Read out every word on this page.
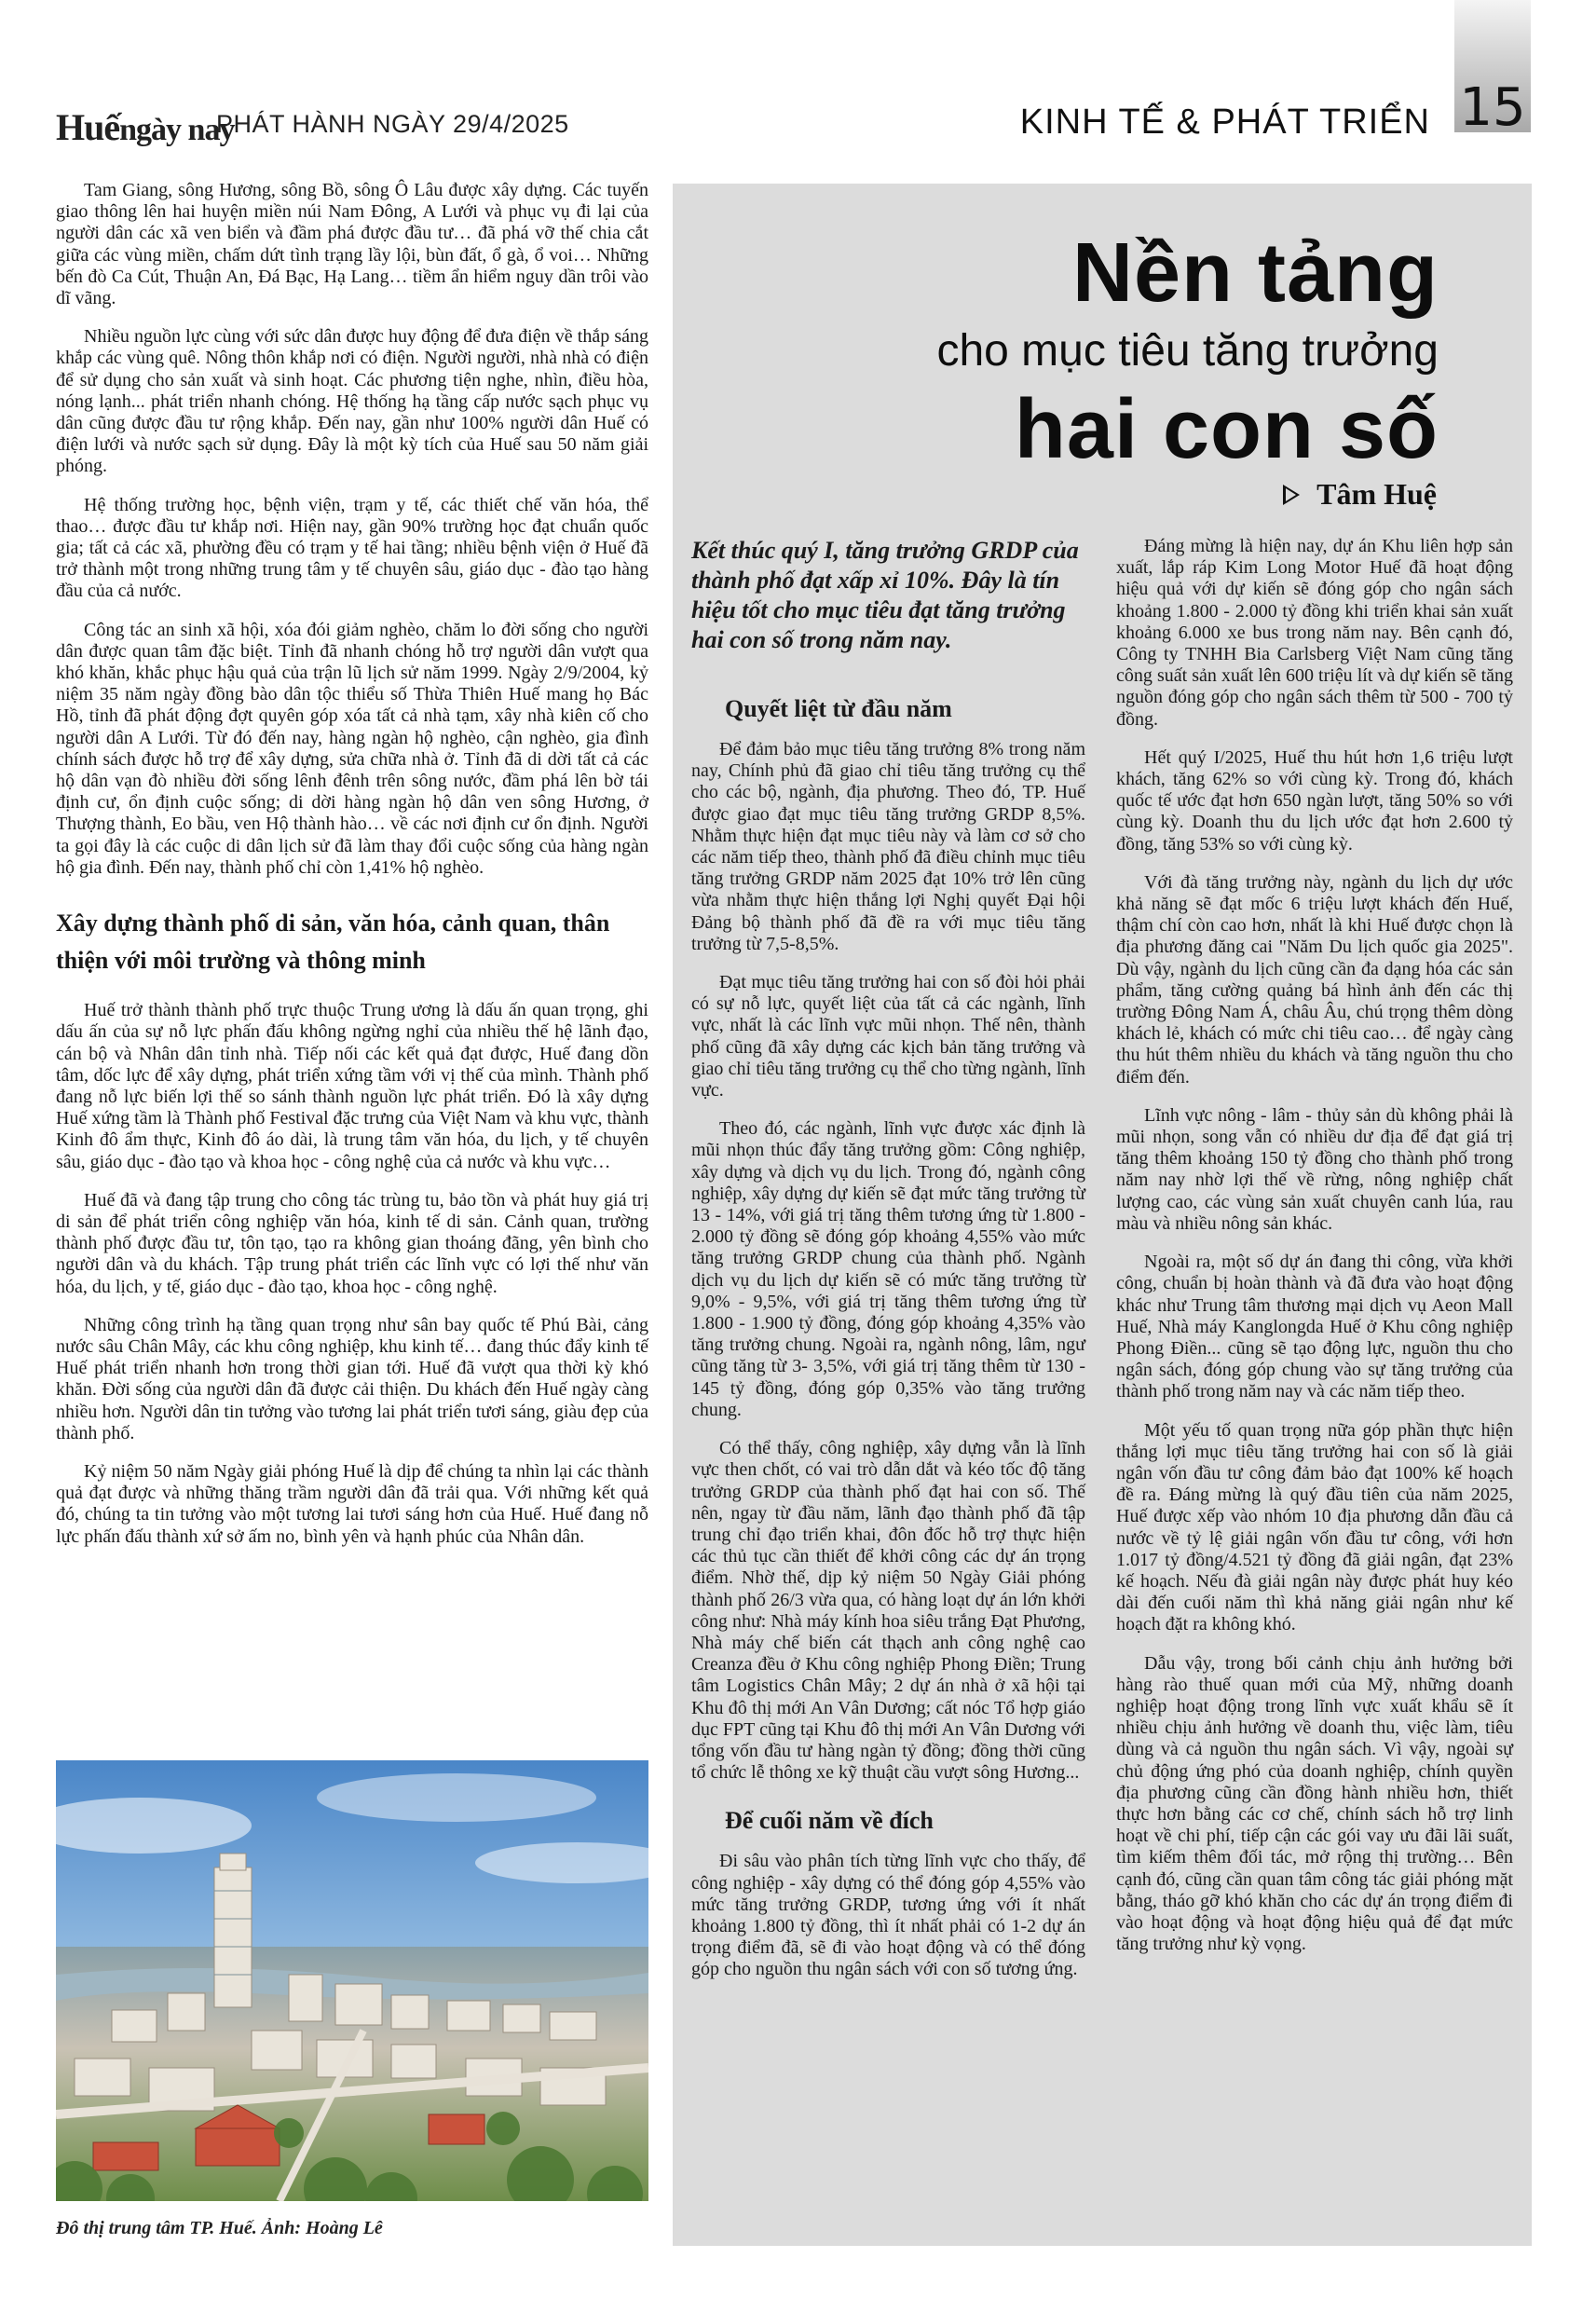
15
Huếngày nay
PHÁT HÀNH NGÀY 29/4/2025	KINH TẾ & PHÁT TRIỂN

Tam Giang, sông Hương, sông Bồ, sông Ô Lâu được xây dựng. Các tuyến giao thông lên hai huyện miền núi Nam Đông, A Lưới và phục vụ đi lại của người dân các xã ven biển và đầm phá được đầu tư… đã phá vỡ thế chia cắt giữa các vùng miền, chấm dứt tình trạng lầy lội, bùn đất, ổ gà, ổ voi… Những bến đò Ca Cút, Thuận An, Đá Bạc, Hạ Lang… tiềm ẩn hiểm nguy dần trôi vào dĩ vãng.

Nhiều nguồn lực cùng với sức dân được huy động để đưa điện về thắp sáng khắp các vùng quê. Nông thôn khắp nơi có điện. Người người, nhà nhà có điện để sử dụng cho sản xuất và sinh hoạt. Các phương tiện nghe, nhìn, điều hòa, nóng lạnh... phát triển nhanh chóng. Hệ thống hạ tầng cấp nước sạch phục vụ dân cũng được đầu tư rộng khắp. Đến nay, gần như 100% người dân Huế có điện lưới và nước sạch sử dụng. Đây là một kỳ tích của Huế sau 50 năm giải phóng.

Hệ thống trường học, bệnh viện, trạm y tế, các thiết chế văn hóa, thể thao… được đầu tư khắp nơi. Hiện nay, gần 90% trường học đạt chuẩn quốc gia; tất cả các xã, phường đều có trạm y tế hai tầng; nhiều bệnh viện ở Huế đã trở thành một trong những trung tâm y tế chuyên sâu, giáo dục - đào tạo hàng đầu của cả nước.

Công tác an sinh xã hội, xóa đói giảm nghèo, chăm lo đời sống cho người dân được quan tâm đặc biệt. Tỉnh đã nhanh chóng hỗ trợ người dân vượt qua khó khăn, khắc phục hậu quả của trận lũ lịch sử năm 1999. Ngày 2/9/2004, kỷ niệm 35 năm ngày đồng bào dân tộc thiểu số Thừa Thiên Huế mang họ Bác Hồ, tỉnh đã phát động đợt quyên góp xóa tất cả nhà tạm, xây nhà kiên cố cho người dân A Lưới. Từ đó đến nay, hàng ngàn hộ nghèo, cận nghèo, gia đình chính sách được hỗ trợ để xây dựng, sửa chữa nhà ở. Tỉnh đã di dời tất cả các hộ dân vạn đò nhiều đời sống lênh đênh trên sông nước, đầm phá lên bờ tái định cư, ổn định cuộc sống; di dời hàng ngàn hộ dân ven sông Hương, ở Thượng thành, Eo bầu, ven Hộ thành hào… về các nơi định cư ổn định. Người ta gọi đây là các cuộc di dân lịch sử đã làm thay đổi cuộc sống của hàng ngàn hộ gia đình. Đến nay, thành phố chỉ còn 1,41% hộ nghèo.

Xây dựng thành phố di sản, văn hóa, cảnh quan, thân thiện với môi trường và thông minh

Huế trở thành thành phố trực thuộc Trung ương là dấu ấn quan trọng, ghi dấu ấn của sự nỗ lực phấn đấu không ngừng nghỉ của nhiều thế hệ lãnh đạo, cán bộ và Nhân dân tỉnh nhà. Tiếp nối các kết quả đạt được, Huế đang dồn tâm, dốc lực để xây dựng, phát triển xứng tầm với vị thế của mình. Thành phố đang nỗ lực biến lợi thế so sánh thành nguồn lực phát triển. Đó là xây dựng Huế xứng tầm là Thành phố Festival đặc trưng của Việt Nam và khu vực, thành Kinh đô ẩm thực, Kinh đô áo dài, là trung tâm văn hóa, du lịch, y tế chuyên sâu, giáo dục - đào tạo và khoa học - công nghệ của cả nước và khu vực…

Huế đã và đang tập trung cho công tác trùng tu, bảo tồn và phát huy giá trị di sản để phát triển công nghiệp văn hóa, kinh tế di sản. Cảnh quan, trường thành phố được đầu tư, tôn tạo, tạo ra không gian thoáng đãng, yên bình cho người dân và du khách. Tập trung phát triển các lĩnh vực có lợi thế như văn hóa, du lịch, y tế, giáo dục - đào tạo, khoa học - công nghệ.

Những công trình hạ tầng quan trọng như sân bay quốc tế Phú Bài, cảng nước sâu Chân Mây, các khu công nghiệp, khu kinh tế… đang thúc đẩy kinh tế Huế phát triển nhanh hơn trong thời gian tới. Huế đã vượt qua thời kỳ khó khăn. Đời sống của người dân đã được cải thiện. Du khách đến Huế ngày càng nhiều hơn. Người dân tin tưởng vào tương lai phát triển tươi sáng, giàu đẹp của thành phố.

Kỷ niệm 50 năm Ngày giải phóng Huế là dịp để chúng ta nhìn lại các thành quả đạt được và những thăng trầm người dân đã trải qua. Với những kết quả đó, chúng ta tin tưởng vào một tương lai tươi sáng hơn của Huế. Huế đang nỗ lực phấn đấu thành xứ sở ấm no, bình yên và hạnh phúc của Nhân dân.

Đô thị trung tâm TP. Huế. Ảnh: Hoàng Lê
Nền tảng
cho mục tiêu tăng trưởng
hai con số
Tâm Huệ
Kết thúc quý I, tăng trưởng GRDP của thành phố đạt xấp xỉ 10%. Đây là tín hiệu tốt cho mục tiêu đạt tăng trưởng hai con số trong năm nay.
Quyết liệt từ đầu năm

Để đảm bảo mục tiêu tăng trưởng 8% trong năm nay, Chính phủ đã giao chỉ tiêu tăng trưởng cụ thể cho các bộ, ngành, địa phương. Theo đó, TP. Huế được giao đạt mục tiêu tăng trưởng GRDP 8,5%. Nhằm thực hiện đạt mục tiêu này và làm cơ sở cho các năm tiếp theo, thành phố đã điều chỉnh mục tiêu tăng trưởng GRDP năm 2025 đạt 10% trở lên cũng vừa nhằm thực hiện thắng lợi Nghị quyết Đại hội Đảng bộ thành phố đã đề ra với mục tiêu tăng trưởng từ 7,5-8,5%.

Đạt mục tiêu tăng trưởng hai con số đòi hỏi phải có sự nỗ lực, quyết liệt của tất cả các ngành, lĩnh vực, nhất là các lĩnh vực mũi nhọn. Thế nên, thành phố cũng đã xây dựng các kịch bản tăng trưởng và giao chỉ tiêu tăng trưởng cụ thể cho từng ngành, lĩnh vực.

Theo đó, các ngành, lĩnh vực được xác định là mũi nhọn thúc đẩy tăng trưởng gồm: Công nghiệp, xây dựng và dịch vụ du lịch. Trong đó, ngành công nghiệp, xây dựng dự kiến sẽ đạt mức tăng trưởng từ 13 - 14%, với giá trị tăng thêm tương ứng từ 1.800 - 2.000 tỷ đồng sẽ đóng góp khoảng 4,55% vào mức tăng trưởng GRDP chung của thành phố. Ngành dịch vụ du lịch dự kiến sẽ có mức tăng trưởng từ 9,0% - 9,5%, với giá trị tăng thêm tương ứng từ 1.800 - 1.900 tỷ đồng, đóng góp khoảng 4,35% vào tăng trưởng chung. Ngoài ra, ngành nông, lâm, ngư cũng tăng từ 3- 3,5%, với giá trị tăng thêm từ 130 - 145 tỷ đồng, đóng góp 0,35% vào tăng trưởng chung.

Có thể thấy, công nghiệp, xây dựng vẫn là lĩnh vực then chốt, có vai trò dẫn dắt và kéo tốc độ tăng trưởng GRDP của thành phố đạt hai con số. Thế nên, ngay từ đầu năm, lãnh đạo thành phố đã tập trung chỉ đạo triển khai, đôn đốc hỗ trợ thực hiện các thủ tục cần thiết để khởi công các dự án trọng điểm. Nhờ thế, dịp kỷ niệm 50 Ngày Giải phóng thành phố 26/3 vừa qua, có hàng loạt dự án lớn khởi công như: Nhà máy kính hoa siêu trắng Đạt Phương, Nhà máy chế biến cát thạch anh công nghệ cao Creanza đều ở Khu công nghiệp Phong Điền; Trung tâm Logistics Chân Mây; 2 dự án nhà ở xã hội tại Khu đô thị mới An Vân Dương; cất nóc Tổ hợp giáo dục FPT cũng tại Khu đô thị mới An Vân Dương với tổng vốn đầu tư hàng ngàn tỷ đồng; đồng thời cũng tổ chức lễ thông xe kỹ thuật cầu vượt sông Hương...

Để cuối năm về đích

Đi sâu vào phân tích từng lĩnh vực cho thấy, để công nghiệp - xây dựng có thể đóng góp 4,55% vào mức tăng trưởng GRDP, tương ứng với ít nhất khoảng 1.800 tỷ đồng, thì ít nhất phải có 1-2 dự án trọng điểm đã, sẽ đi vào hoạt động và có thể đóng góp cho nguồn thu ngân sách với con số tương ứng.

Đáng mừng là hiện nay, dự án Khu liên hợp sản xuất, lắp ráp Kim Long Motor Huế đã hoạt động hiệu quả với dự kiến sẽ đóng góp cho ngân sách khoảng 1.800 - 2.000 tỷ đồng khi triển khai sản xuất khoảng 6.000 xe bus trong năm nay. Bên cạnh đó, Công ty TNHH Bia Carlsberg Việt Nam cũng tăng công suất sản xuất lên 600 triệu lít và dự kiến sẽ tăng nguồn đóng góp cho ngân sách thêm từ 500 - 700 tỷ đồng.

Hết quý I/2025, Huế thu hút hơn 1,6 triệu lượt khách, tăng 62% so với cùng kỳ. Trong đó, khách quốc tế ước đạt hơn 650 ngàn lượt, tăng 50% so với cùng kỳ. Doanh thu du lịch ước đạt hơn 2.600 tỷ đồng, tăng 53% so với cùng kỳ.

Với đà tăng trưởng này, ngành du lịch dự ước khả năng sẽ đạt mốc 6 triệu lượt khách đến Huế, thậm chí còn cao hơn, nhất là khi Huế được chọn là địa phương đăng cai "Năm Du lịch quốc gia 2025". Dù vậy, ngành du lịch cũng cần đa dạng hóa các sản phẩm, tăng cường quảng bá hình ảnh đến các thị trường Đông Nam Á, châu Âu, chú trọng thêm dòng khách lẻ, khách có mức chi tiêu cao… để ngày càng thu hút thêm nhiều du khách và tăng nguồn thu cho điểm đến.

Lĩnh vực nông - lâm - thủy sản dù không phải là mũi nhọn, song vẫn có nhiều dư địa để đạt giá trị tăng thêm khoảng 150 tỷ đồng cho thành phố trong năm nay nhờ lợi thế về rừng, nông nghiệp chất lượng cao, các vùng sản xuất chuyên canh lúa, rau màu và nhiều nông sản khác.

Ngoài ra, một số dự án đang thi công, vừa khởi công, chuẩn bị hoàn thành và đã đưa vào hoạt động khác như Trung tâm thương mại dịch vụ Aeon Mall Huế, Nhà máy Kanglongda Huế ở Khu công nghiệp Phong Điền... cũng sẽ tạo động lực, nguồn thu cho ngân sách, đóng góp chung vào sự tăng trưởng của thành phố trong năm nay và các năm tiếp theo.

Một yếu tố quan trọng nữa góp phần thực hiện thắng lợi mục tiêu tăng trưởng hai con số là giải ngân vốn đầu tư công đảm bảo đạt 100% kế hoạch đề ra. Đáng mừng là quý đầu tiên của năm 2025, Huế được xếp vào nhóm 10 địa phương dẫn đầu cả nước về tỷ lệ giải ngân vốn đầu tư công, với hơn 1.017 tỷ đồng/4.521 tỷ đồng đã giải ngân, đạt 23% kế hoạch. Nếu đà giải ngân này được phát huy kéo dài đến cuối năm thì khả năng giải ngân như kế hoạch đặt ra không khó.

Dẫu vậy, trong bối cảnh chịu ảnh hưởng bởi hàng rào thuế quan mới của Mỹ, những doanh nghiệp hoạt động trong lĩnh vực xuất khẩu sẽ ít nhiều chịu ảnh hưởng về doanh thu, việc làm, tiêu dùng và cả nguồn thu ngân sách. Vì vậy, ngoài sự chủ động ứng phó của doanh nghiệp, chính quyền địa phương cũng cần đồng hành nhiều hơn, thiết thực hơn bằng các cơ chế, chính sách hỗ trợ linh hoạt về chi phí, tiếp cận các gói vay ưu đãi lãi suất, tìm kiếm thêm đối tác, mở rộng thị trường… Bên cạnh đó, cũng cần quan tâm công tác giải phóng mặt bằng, tháo gỡ khó khăn cho các dự án trọng điểm đi vào hoạt động và hoạt động hiệu quả để đạt mức tăng trưởng như kỳ vọng.
